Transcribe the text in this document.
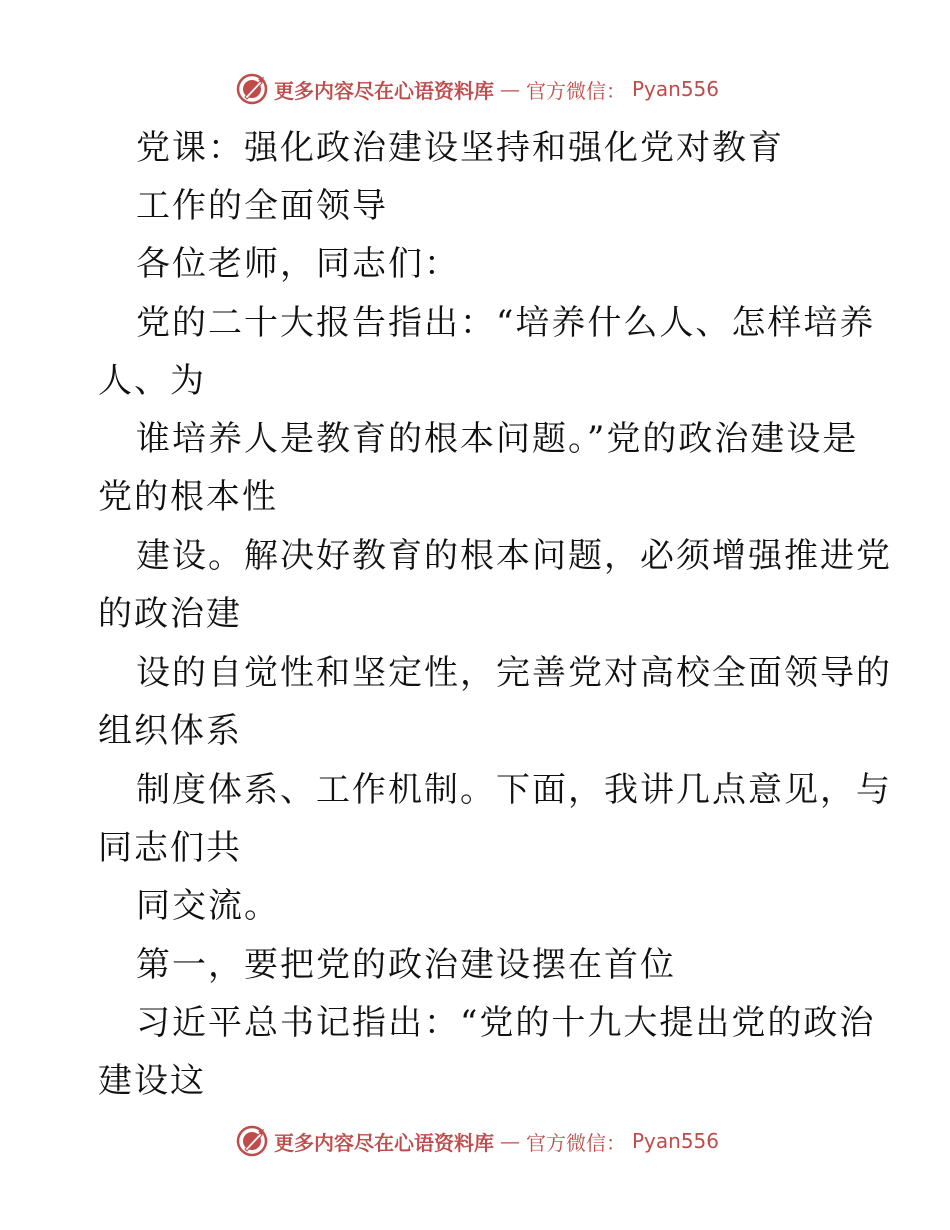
更多内容尽在心语资料库 — 官方微信： Pyan556
党课：强化政治建设坚持和强化党对教育
工作的全面领导
各位老师，同志们：
党的二十大报告指出：“培养什么人、怎样培养
人、为
谁培养人是教育的根本问题。”党的政治建设是
党的根本性
建设。解决好教育的根本问题，必须增强推进党
的政治建
设的自觉性和坚定性，完善党对高校全面领导的
组织体系
制度体系、工作机制。下面，我讲几点意见，与
同志们共
同交流。
第一，要把党的政治建设摆在首位
习近平总书记指出：“党的十九大提出党的政治
建设这
更多内容尽在心语资料库 — 官方微信： Pyan556
